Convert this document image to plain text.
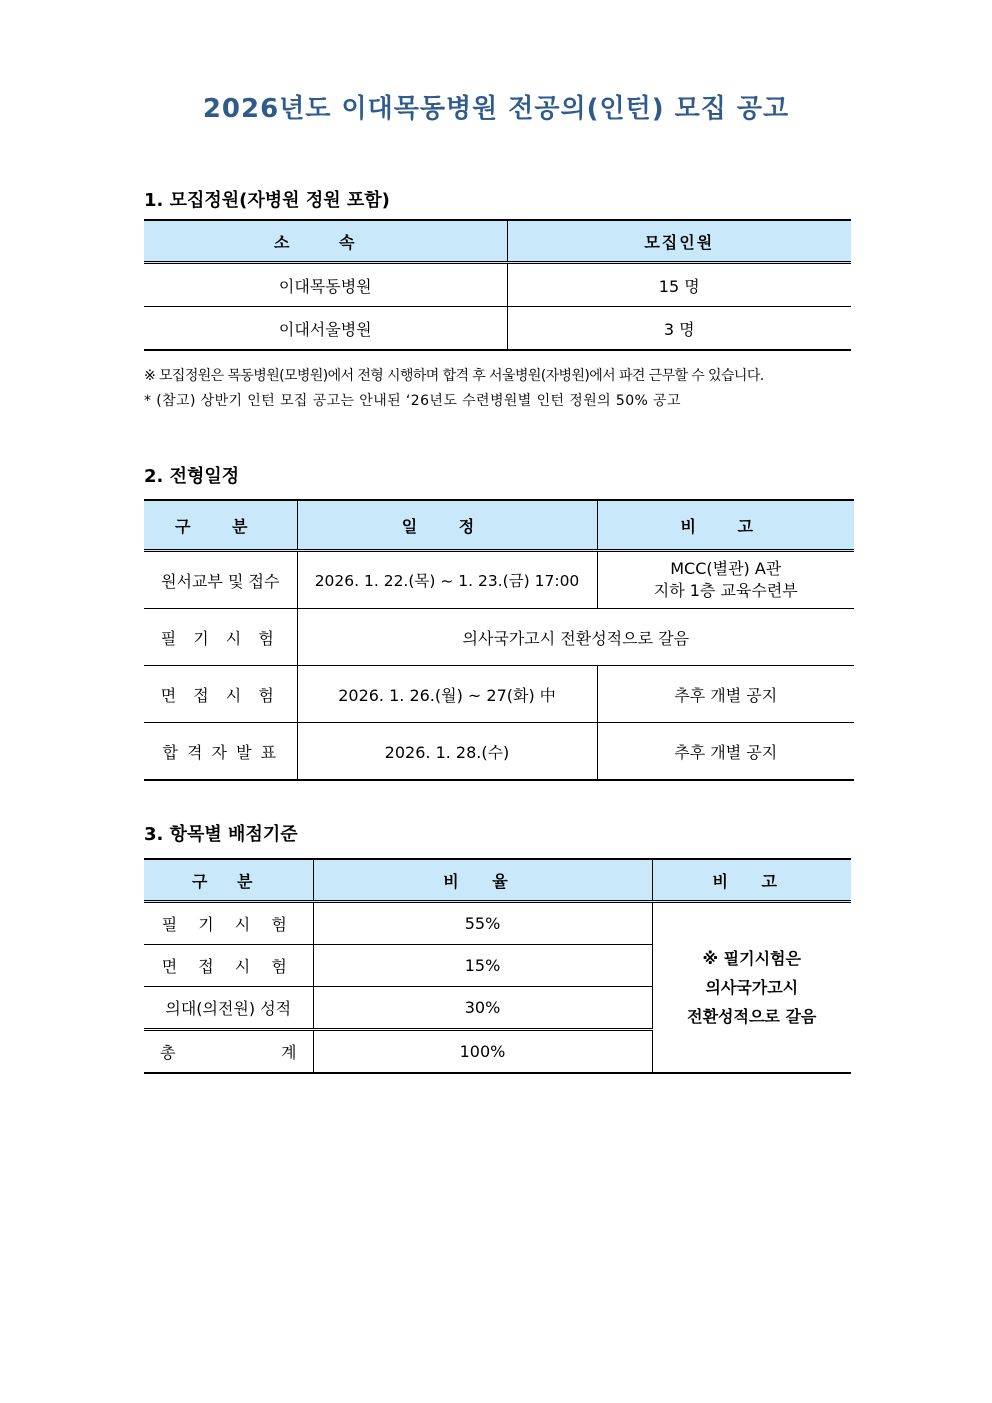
2026년도 이대목동병원 전공의(인턴) 모집 공고
1. 모집정원(자병원 정원 포함)
소 속	모집인원
이대목동병원	15 명
이대서울병원	3 명
※ 모집정원은 목동병원(모병원)에서 전형 시행하며 합격 후 서울병원(자병원)에서 파견 근무할 수 있습니다.
* (참고) 상반기 인턴 모집 공고는 안내된 ‘26년도 수련병원별 인턴 정원의 50% 공고
2. 전형일정
구 분	일 정	비 고
원서교부 및 접수	2026. 1. 22.(목) ~ 1. 23.(금) 17:00	MCC(별관) A관
지하 1층 교육수련부

필 기 시 험	의사국가고시 전환성적으로 갈음	
면 접 시 험	2026. 1. 26.(월) ~ 27(화) 中	추후 개별 공지
합 격 자 발 표	2026. 1. 28.(수)	추후 개별 공지
3. 항목별 배점기준
구 분	비 율	비 고
필 기 시 험	55%	※ 필기시험은
의사국가고시
전환성적으로 갈음

면 접 시 험	15%	
의대(의전원) 성적	30%	

총 계	100%	
